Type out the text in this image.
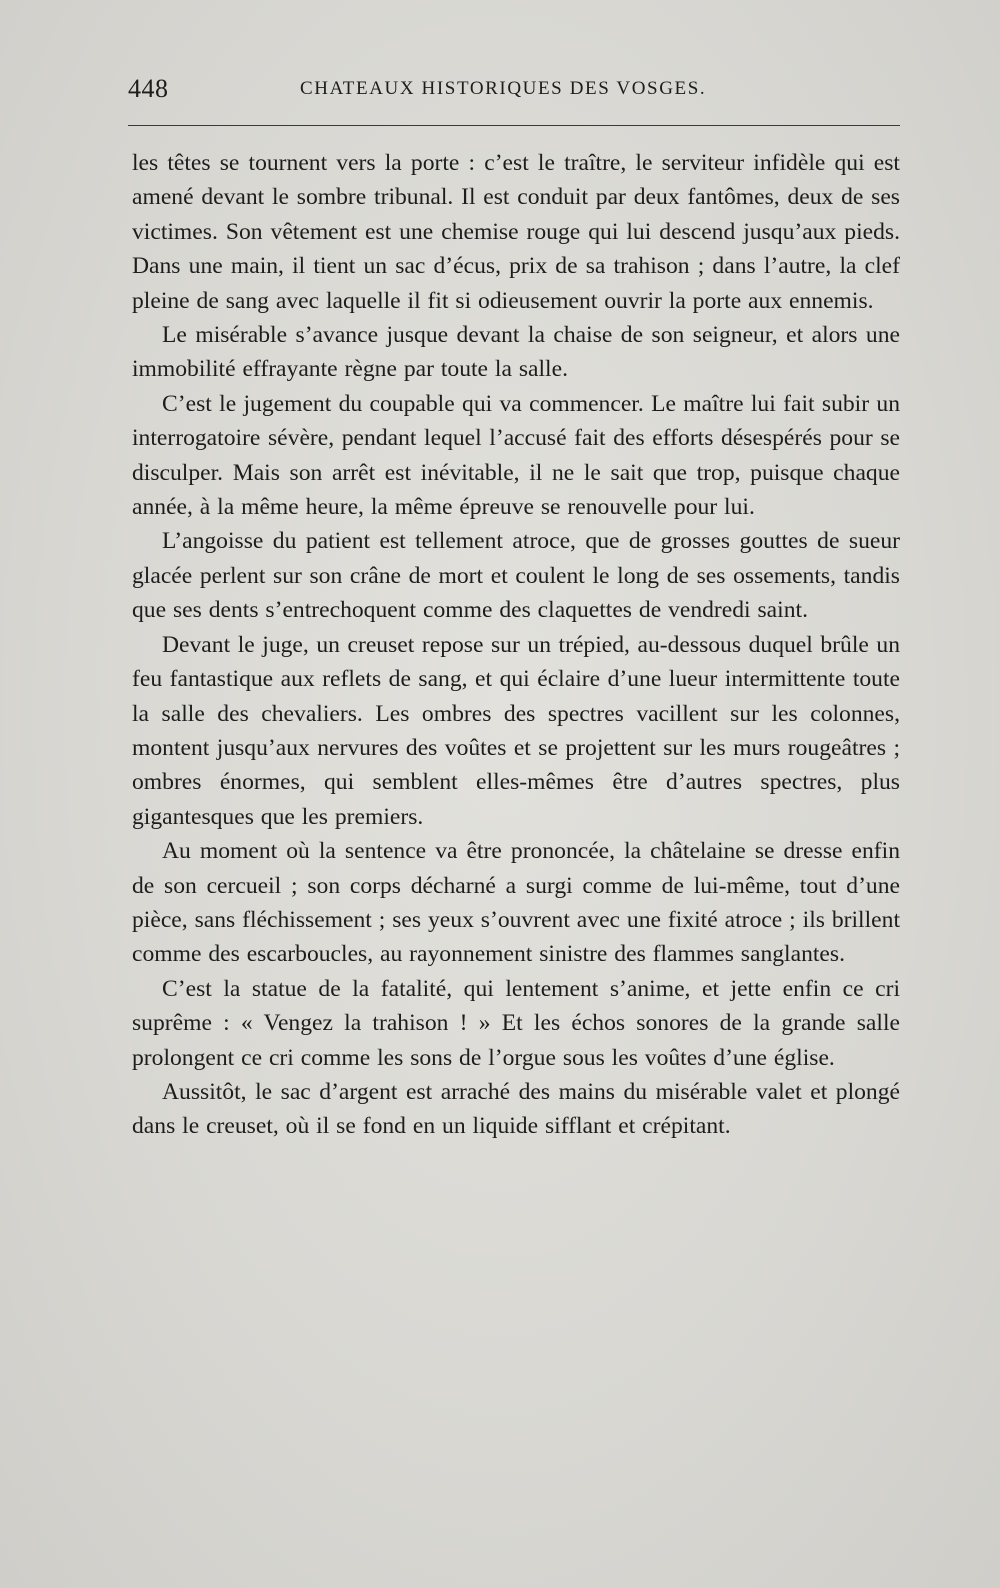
448	CHATEAUX HISTORIQUES DES VOSGES.

les têtes se tournent vers la porte : c’est le traître, le serviteur infidèle qui est amené devant le sombre tribunal. Il est conduit par deux fantômes, deux de ses victimes. Son vêtement est une chemise rouge qui lui descend jusqu’aux pieds. Dans une main, il tient un sac d’écus, prix de sa trahison ; dans l’autre, la clef pleine de sang avec laquelle il fit si odieusement ouvrir la porte aux ennemis.

Le misérable s’avance jusque devant la chaise de son seigneur, et alors une immobilité effrayante règne par toute la salle.

C’est le jugement du coupable qui va commencer. Le maître lui fait subir un interrogatoire sévère, pendant lequel l’accusé fait des efforts désespérés pour se disculper. Mais son arrêt est inévitable, il ne le sait que trop, puisque chaque année, à la même heure, la même épreuve se renouvelle pour lui.

L’angoisse du patient est tellement atroce, que de grosses gouttes de sueur glacée perlent sur son crâne de mort et coulent le long de ses ossements, tandis que ses dents s’entrechoquent comme des claquettes de vendredi saint.

Devant le juge, un creuset repose sur un trépied, au-dessous duquel brûle un feu fantastique aux reflets de sang, et qui éclaire d’une lueur intermittente toute la salle des chevaliers. Les ombres des spectres vacillent sur les colonnes, montent jusqu’aux nervures des voûtes et se projettent sur les murs rougeâtres ; ombres énormes, qui semblent elles-mêmes être d’autres spectres, plus gigantesques que les premiers.

Au moment où la sentence va être prononcée, la châtelaine se dresse enfin de son cercueil ; son corps décharné a surgi comme de lui-même, tout d’une pièce, sans fléchissement ; ses yeux s’ouvrent avec une fixité atroce ; ils brillent comme des escarboucles, au rayonnement sinistre des flammes sanglantes.

C’est la statue de la fatalité, qui lentement s’anime, et jette enfin ce cri suprême : « Vengez la trahison ! » Et les échos sonores de la grande salle prolongent ce cri comme les sons de l’orgue sous les voûtes d’une église.

Aussitôt, le sac d’argent est arraché des mains du misérable valet et plongé dans le creuset, où il se fond en un liquide sifflant et crépitant.
